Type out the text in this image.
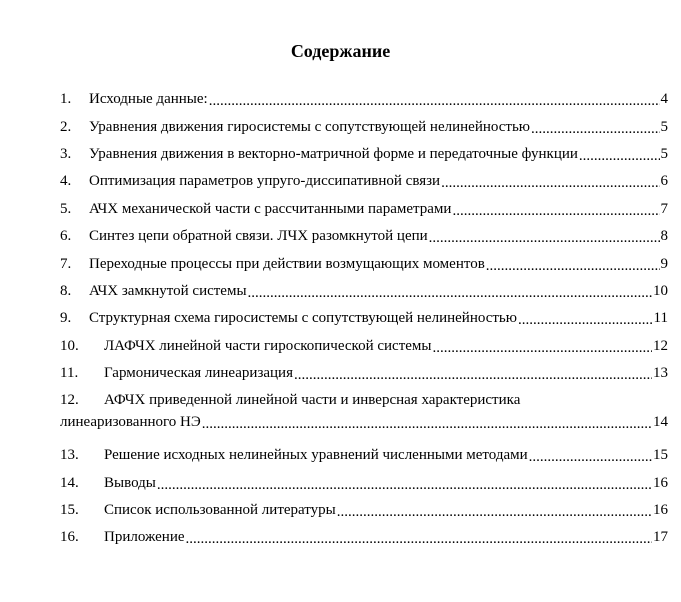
Содержание
1.	Исходные данные: .....	4
2.	Уравнения движения гиросистемы с сопутствующей нелинейностью .....	5
3.	Уравнения движения в векторно-матричной форме и передаточные функции .....	5
4.	Оптимизация параметров упруго-диссипативной связи .....	6
5.	АЧХ механической части с рассчитанными параметрами .....	7
6.	Синтез цепи обратной связи. ЛЧХ разомкнутой цепи .....	8
7.	Переходные процессы при действии возмущающих моментов .....	9
8.	АЧХ замкнутой системы .....	10
9.	Структурная схема гиросистемы с сопутствующей нелинейностью .....	11
10.	ЛАФЧХ линейной части гироскопической системы .....	12
11.	Гармоническая линеаризация .....	13
12.	АФЧХ приведенной линейной части и инверсная характеристика
линеаризованного НЭ .....	14
13.	Решение исходных нелинейных уравнений численными методами .....	15
14.	Выводы .....	16
15.	Список использованной литературы .....	16
16.	Приложение .....	17
